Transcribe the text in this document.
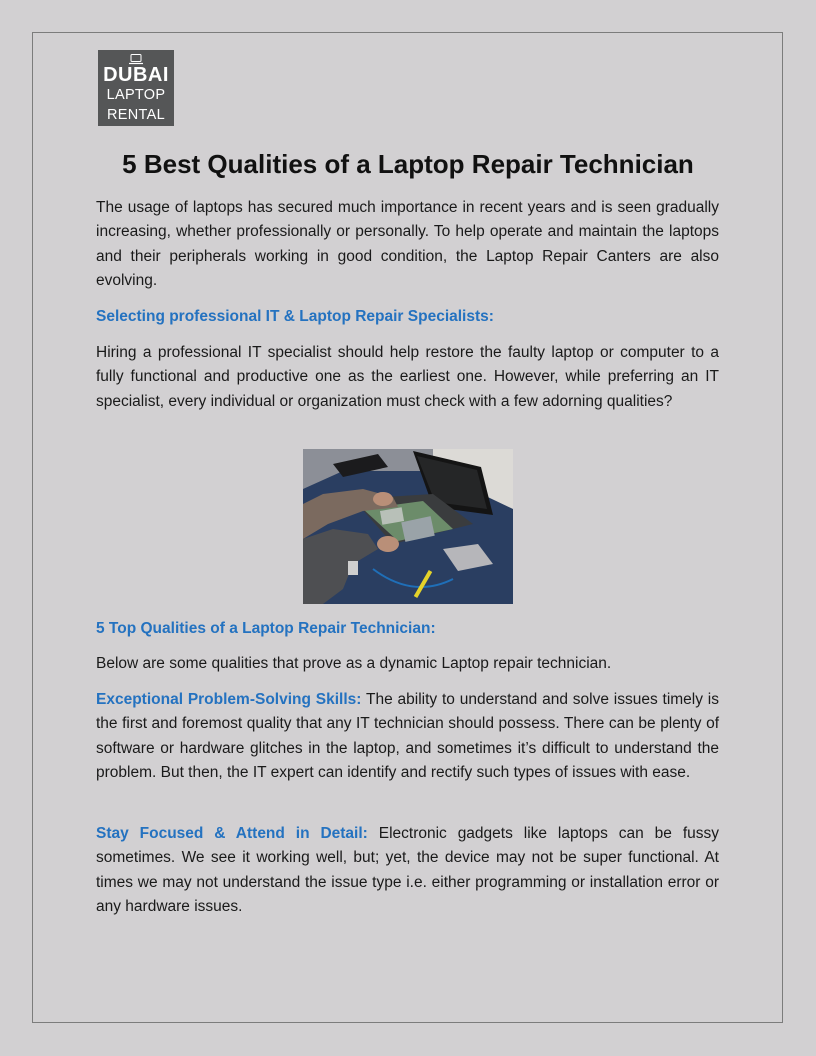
DUBAI
LAPTOP
RENTAL
5 Best Qualities of a Laptop Repair Technician

The usage of laptops has secured much importance in recent years and is seen gradually increasing, whether professionally or personally. To help operate and maintain the laptops and their peripherals working in good condition, the Laptop Repair Canters are also evolving.

Selecting professional IT & Laptop Repair Specialists:

Hiring a professional IT specialist should help restore the faulty laptop or computer to a fully functional and productive one as the earliest one. However, while preferring an IT specialist, every individual or organization must check with a few adorning qualities?

5 Top Qualities of a Laptop Repair Technician:

Below are some qualities that prove as a dynamic Laptop repair technician.

Exceptional Problem-Solving Skills: The ability to understand and solve issues timely is the first and foremost quality that any IT technician should possess. There can be plenty of software or hardware glitches in the laptop, and sometimes it’s difficult to understand the problem. But then, the IT expert can identify and rectify such types of issues with ease.

Stay Focused & Attend in Detail: Electronic gadgets like laptops can be fussy sometimes. We see it working well, but; yet, the device may not be super functional. At times we may not understand the issue type i.e. either programming or installation error or any hardware issues.
